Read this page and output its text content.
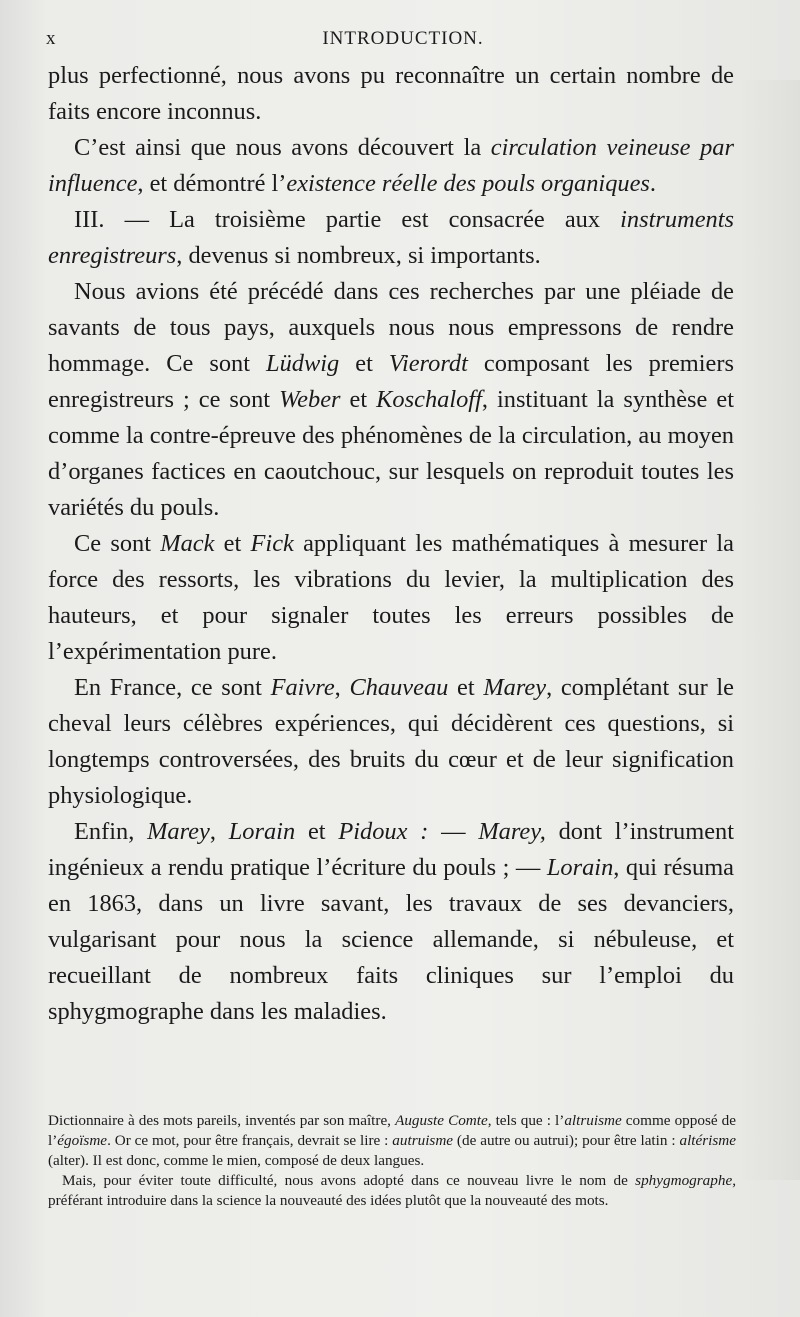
x	INTRODUCTION.

plus perfectionné, nous avons pu reconnaître un certain nombre de faits encore inconnus.

C’est ainsi que nous avons découvert la circulation veineuse par influence, et démontré l’existence réelle des pouls organiques.

III. — La troisième partie est consacrée aux instruments enregistreurs, devenus si nombreux, si importants.

Nous avions été précédé dans ces recherches par une pléiade de savants de tous pays, auxquels nous nous empressons de rendre hommage. Ce sont Lüdwig et Vierordt composant les premiers enregistreurs ; ce sont Weber et Koschaloff, instituant la synthèse et comme la contre-épreuve des phénomènes de la circulation, au moyen d’organes factices en caoutchouc, sur lesquels on reproduit toutes les variétés du pouls.

Ce sont Mack et Fick appliquant les mathématiques à mesurer la force des ressorts, les vibrations du levier, la multiplication des hauteurs, et pour signaler toutes les erreurs possibles de l’expérimentation pure.

En France, ce sont Faivre, Chauveau et Marey, complétant sur le cheval leurs célèbres expériences, qui décidèrent ces questions, si longtemps controversées, des bruits du cœur et de leur signification physiologique.

Enfin, Marey, Lorain et Pidoux : — Marey, dont l’instrument ingénieux a rendu pratique l’écriture du pouls ; — Lorain, qui résuma en 1863, dans un livre savant, les travaux de ses devanciers, vulgarisant pour nous la science allemande, si nébuleuse, et recueillant de nombreux faits cliniques sur l’emploi du sphygmographe dans les maladies.

Dictionnaire à des mots pareils, inventés par son maître, Auguste Comte, tels que : l’altruisme comme opposé de l’égoïsme. Or ce mot, pour être français, devrait se lire : autruisme (de autre ou autrui); pour être latin : altérisme (alter). Il est donc, comme le mien, composé de deux langues.

Mais, pour éviter toute difficulté, nous avons adopté dans ce nouveau livre le nom de sphygmographe, préférant introduire dans la science la nouveauté des idées plutôt que la nouveauté des mots.
